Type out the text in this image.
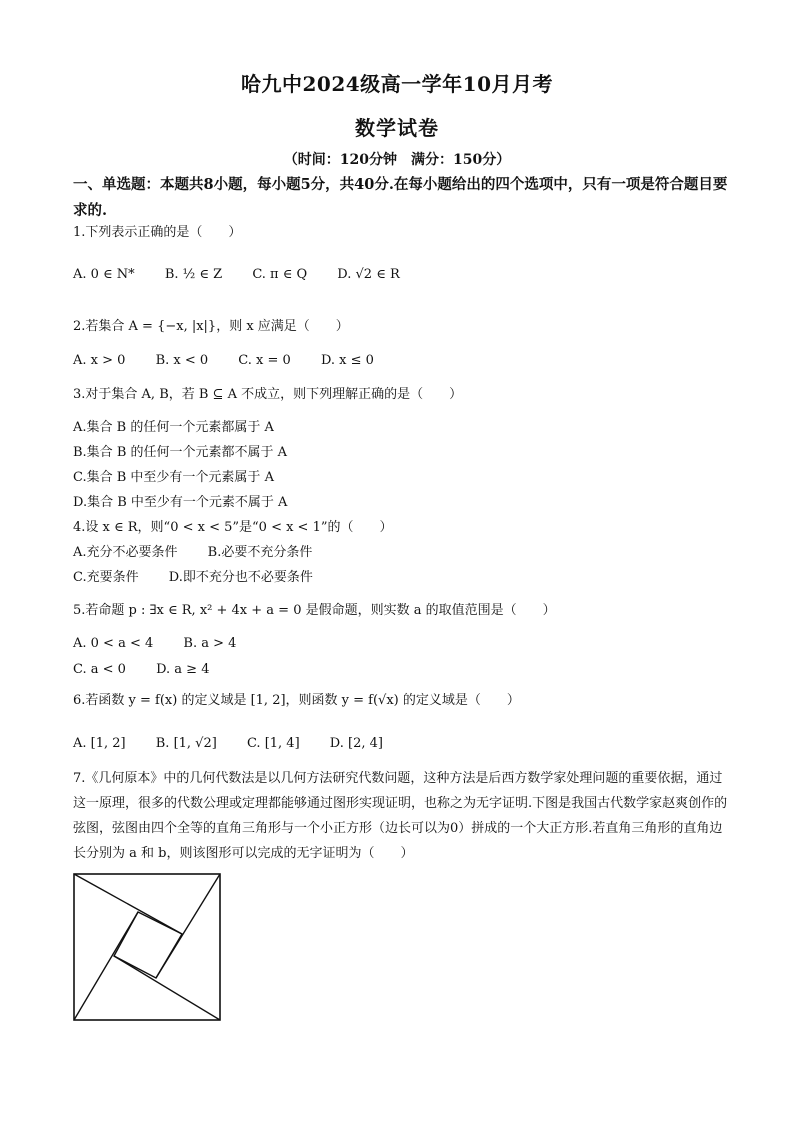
哈九中2024级高一学年10月月考
数学试卷
（时间：120分钟　满分：150分）
一、单选题：本题共8小题，每小题5分，共40分.在每小题给出的四个选项中，只有一项是符合题目要求的.
1.下列表示正确的是（　　）
A. 0 ∈ N* B. ½ ∈ Z C. π ∈ Q D. √2 ∈ R
2.若集合 A = {−x, |x|}，则 x 应满足（　　）
A. x > 0 B. x < 0 C. x = 0 D. x ≤ 0
3.对于集合 A, B，若 B ⊆ A 不成立，则下列理解正确的是（　　）
A.集合 B 的任何一个元素都属于 A
B.集合 B 的任何一个元素都不属于 A
C.集合 B 中至少有一个元素属于 A
D.集合 B 中至少有一个元素不属于 A
4.设 x ∈ R，则“0 < x < 5”是“0 < x < 1”的（　　）
A.充分不必要条件 B.必要不充分条件
C.充要条件 D.即不充分也不必要条件
5.若命题 p : ∃x ∈ R, x² + 4x + a = 0 是假命题，则实数 a 的取值范围是（　　）
A. 0 < a < 4 B. a > 4
C. a < 0 D. a ≥ 4
6.若函数 y = f(x) 的定义域是 [1, 2]，则函数 y = f(√x) 的定义域是（　　）
A. [1, 2] B. [1, √2] C. [1, 4] D. [2, 4]
7.《几何原本》中的几何代数法是以几何方法研究代数问题，这种方法是后西方数学家处理问题的重要依据，通过这一原理，很多的代数公理或定理都能够通过图形实现证明，也称之为无字证明.下图是我国古代数学家赵爽创作的弦图，弦图由四个全等的直角三角形与一个小正方形（边长可以为0）拼成的一个大正方形.若直角三角形的直角边长分别为 a 和 b，则该图形可以完成的无字证明为（　　）
